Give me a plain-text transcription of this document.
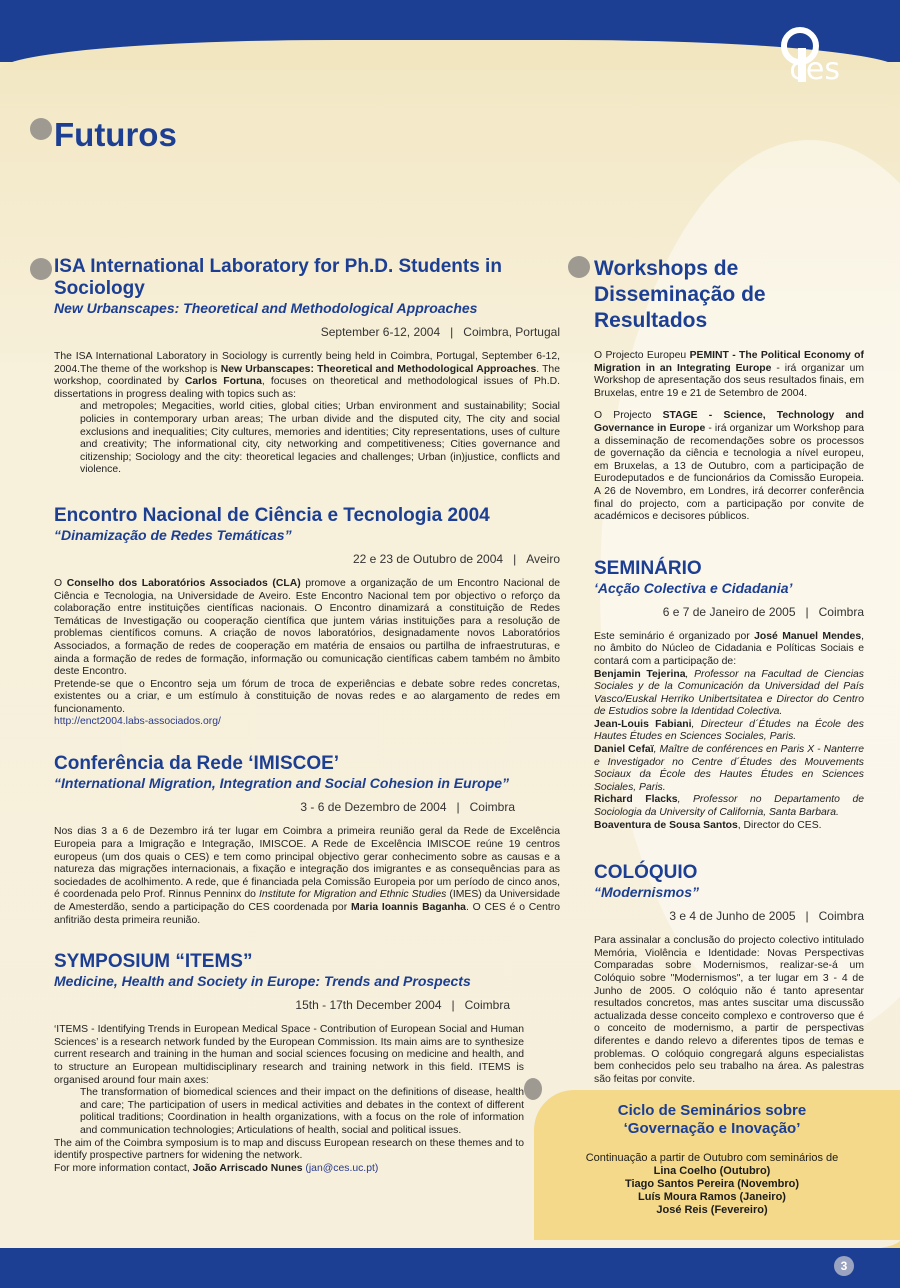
ces
Futuros
ISA International Laboratory for Ph.D. Students in Sociology

New Urbanscapes: Theoretical and Methodological Approaches

September 6-12, 2004 | Coimbra, Portugal

The ISA International Laboratory in Sociology is currently being held in Coimbra, Portugal, September 6-12, 2004.The theme of the workshop is New Urbanscapes: Theoretical and Methodological Approaches. The workshop, coordinated by Carlos Fortuna, focuses on theoretical and methodological issues of Ph.D. dissertations in progress dealing with topics such as:

and metropoles; Megacities, world cities, global cities; Urban environment and sustainability; Social policies in contemporary urban areas; The urban divide and the disputed city, The city and social exclusions and inequalities; City cultures, memories and identities; City representations, uses of culture and creativity; The informational city, city networking and competitiveness; Cities governance and citizenship; Sociology and the city: theoretical legacies and challenges; Urban (in)justice, conflicts and violence.

Encontro Nacional de Ciência e Tecnologia 2004

“Dinamização de Redes Temáticas”

22 e 23 de Outubro de 2004 | Aveiro

O Conselho dos Laboratórios Associados (CLA) promove a organização de um Encontro Nacional de Ciência e Tecnologia, na Universidade de Aveiro. Este Encontro Nacional tem por objectivo o reforço da colaboração entre instituições científicas nacionais. O Encontro dinamizará a constituição de Redes Temáticas de Investigação ou cooperação científica que juntem várias instituições para a resolução de problemas científicos comuns. A criação de novos laboratórios, designadamente novos Laboratórios Associados, a formação de redes de cooperação em matéria de ensaios ou partilha de infraestruturas, e ainda a formação de redes de formação, informação ou comunicação científicas cabem também no âmbito deste Encontro.

Pretende-se que o Encontro seja um fórum de troca de experiências e debate sobre redes concretas, existentes ou a criar, e um estímulo à constituição de novas redes e ao alargamento de redes em funcionamento.

http://enct2004.labs-associados.org/
Conferência da Rede ‘IMISCOE’

“International Migration, Integration and Social Cohesion in Europe”

3 - 6 de Dezembro de 2004 | Coimbra

Nos dias 3 a 6 de Dezembro irá ter lugar em Coimbra a primeira reunião geral da Rede de Excelência Europeia para a Imigração e Integração, IMISCOE. A Rede de Excelência IMISCOE reúne 19 centros europeus (um dos quais o CES) e tem como principal objectivo gerar conhecimento sobre as causas e a natureza das migrações internacionais, a fixação e integração dos imigrantes e as consequências para as sociedades de acolhimento. A rede, que é financiada pela Comissão Europeia por um período de cinco anos, é coordenada pelo Prof. Rinnus Penninx do Institute for Migration and Ethnic Studies (IMES) da Universidade de Amesterdão, sendo a participação do CES coordenada por Maria Ioannis Baganha. O CES é o Centro anfitrião desta primeira reunião.

SYMPOSIUM “ITEMS”

Medicine, Health and Society in Europe: Trends and Prospects

15th - 17th December 2004 | Coimbra

‘ITEMS - Identifying Trends in European Medical Space - Contribution of European Social and Human Sciences’ is a research network funded by the European Commission. Its main aims are to synthesize current research and training in the human and social sciences focusing on medicine and health, and to structure an European multidisciplinary research and training network in this field. ITEMS is organised around four main axes:

The transformation of biomedical sciences and their impact on the definitions of disease, health and care; The participation of users in medical activities and debates in the context of different political traditions; Coordination in health organizations, with a focus on the role of information and communication technologies; Articulations of health, social and political issues.

The aim of the Coimbra symposium is to map and discuss European research on these themes and to identify prospective partners for widening the network.

For more information contact, João Arriscado Nunes (jan@ces.uc.pt)

Workshops de Disseminação de Resultados

O Projecto Europeu PEMINT - The Political Economy of Migration in an Integrating Europe - irá organizar um Workshop de apresentação dos seus resultados finais, em Bruxelas, entre 19 e 21 de Setembro de 2004.

O Projecto STAGE - Science, Technology and Governance in Europe - irá organizar um Workshop para a disseminação de recomendações sobre os processos de governação da ciência e tecnologia a nível europeu, em Bruxelas, a 13 de Outubro, com a participação de Eurodeputados e de funcionários da Comissão Europeia. A 26 de Novembro, em Londres, irá decorrer conferência final do projecto, com a participação por convite de académicos e decisores públicos.

SEMINÁRIO

‘Acção Colectiva e Cidadania’

6 e 7 de Janeiro de 2005 | Coimbra

Este seminário é organizado por José Manuel Mendes, no âmbito do Núcleo de Cidadania e Políticas Sociais e contará com a participação de:

Benjamin Tejerina, Professor na Facultad de Ciencias Sociales y de la Comunicación da Universidad del País Vasco/Euskal Herriko Unibertsitatea e Director do Centro de Estudios sobre la Identidad Colectiva.

Jean-Louis Fabiani, Directeur d´Études na École des Hautes Études en Sciences Sociales, Paris.

Daniel Cefaï, Maître de conférences en Paris X - Nanterre e Investigador no Centre d´Études des Mouvements Sociaux da École des Hautes Études en Sciences Sociales, Paris.

Richard Flacks, Professor no Departamento de Sociologia da University of California, Santa Barbara.

Boaventura de Sousa Santos, Director do CES.

COLÓQUIO

“Modernismos”

3 e 4 de Junho de 2005 | Coimbra

Para assinalar a conclusão do projecto colectivo intitulado Memória, Violência e Identidade: Novas Perspectivas Comparadas sobre Modernismos, realizar-se-á um Colóquio sobre "Modernismos", a ter lugar em 3 - 4 de Junho de 2005. O colóquio não é tanto apresentar resultados concretos, mas antes suscitar uma discussão actualizada desse conceito complexo e controverso que é o conceito de modernismo, a partir de perspectivas diferentes e dando relevo a diferentes tipos de temas e problemas. O colóquio congregará alguns especialistas bem conhecidos pelo seu trabalho na área. As palestras são feitas por convite.

Ciclo de Seminários sobre
‘Governação e Inovação’
Continuação a partir de Outubro com seminários de
Lina Coelho (Outubro)
Tiago Santos Pereira (Novembro)
Luís Moura Ramos (Janeiro)
José Reis (Fevereiro)
3
